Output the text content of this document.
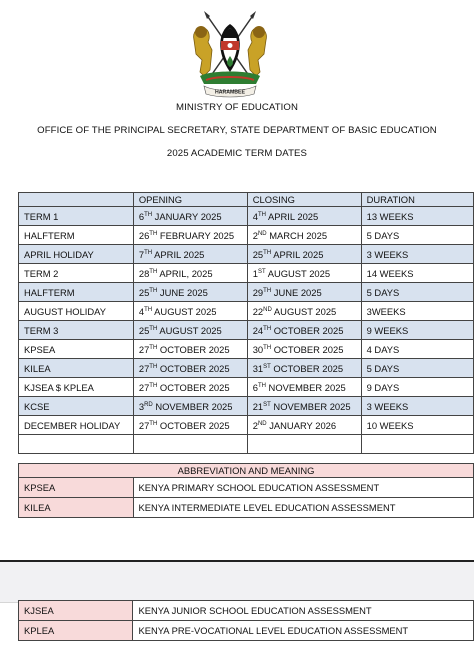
HARAMBEE
MINISTRY OF EDUCATION
OFFICE OF THE PRINCIPAL SECRETARY, STATE DEPARTMENT OF BASIC EDUCATION
2025 ACADEMIC TERM DATES
	OPENING	CLOSING	DURATION
TERM 1	6TH JANUARY 2025	4TH APRIL 2025	13 WEEKS
HALFTERM	26TH FEBRUARY 2025	2ND MARCH 2025	5 DAYS
APRIL HOLIDAY	7TH APRIL 2025	25TH APRIL 2025	3 WEEKS
TERM 2	28TH APRIL, 2025	1ST AUGUST 2025	14 WEEKS
HALFTERM	25TH JUNE 2025	29TH JUNE 2025	5 DAYS
AUGUST HOLIDAY	4TH AUGUST 2025	22ND AUGUST 2025	3WEEKS
TERM 3	25TH AUGUST 2025	24TH OCTOBER 2025	9 WEEKS
KPSEA	27TH OCTOBER 2025	30TH OCTOBER 2025	4 DAYS
KILEA	27TH OCTOBER 2025	31ST OCTOBER 2025	5 DAYS
KJSEA $ KPLEA	27TH OCTOBER 2025	6TH NOVEMBER 2025	9 DAYS
KCSE	3RD NOVEMBER 2025	21ST NOVEMBER 2025	3 WEEKS
DECEMBER HOLIDAY	27TH OCTOBER 2025	2ND JANUARY 2026	10 WEEKS

ABBREVIATION AND MEANING	
KPSEA	KENYA PRIMARY SCHOOL EDUCATION ASSESSMENT
KILEA	KENYA INTERMEDIATE LEVEL EDUCATION ASSESSMENT
KJSEA	KENYA JUNIOR SCHOOL EDUCATION ASSESSMENT
KPLEA	KENYA PRE-VOCATIONAL LEVEL EDUCATION ASSESSMENT
